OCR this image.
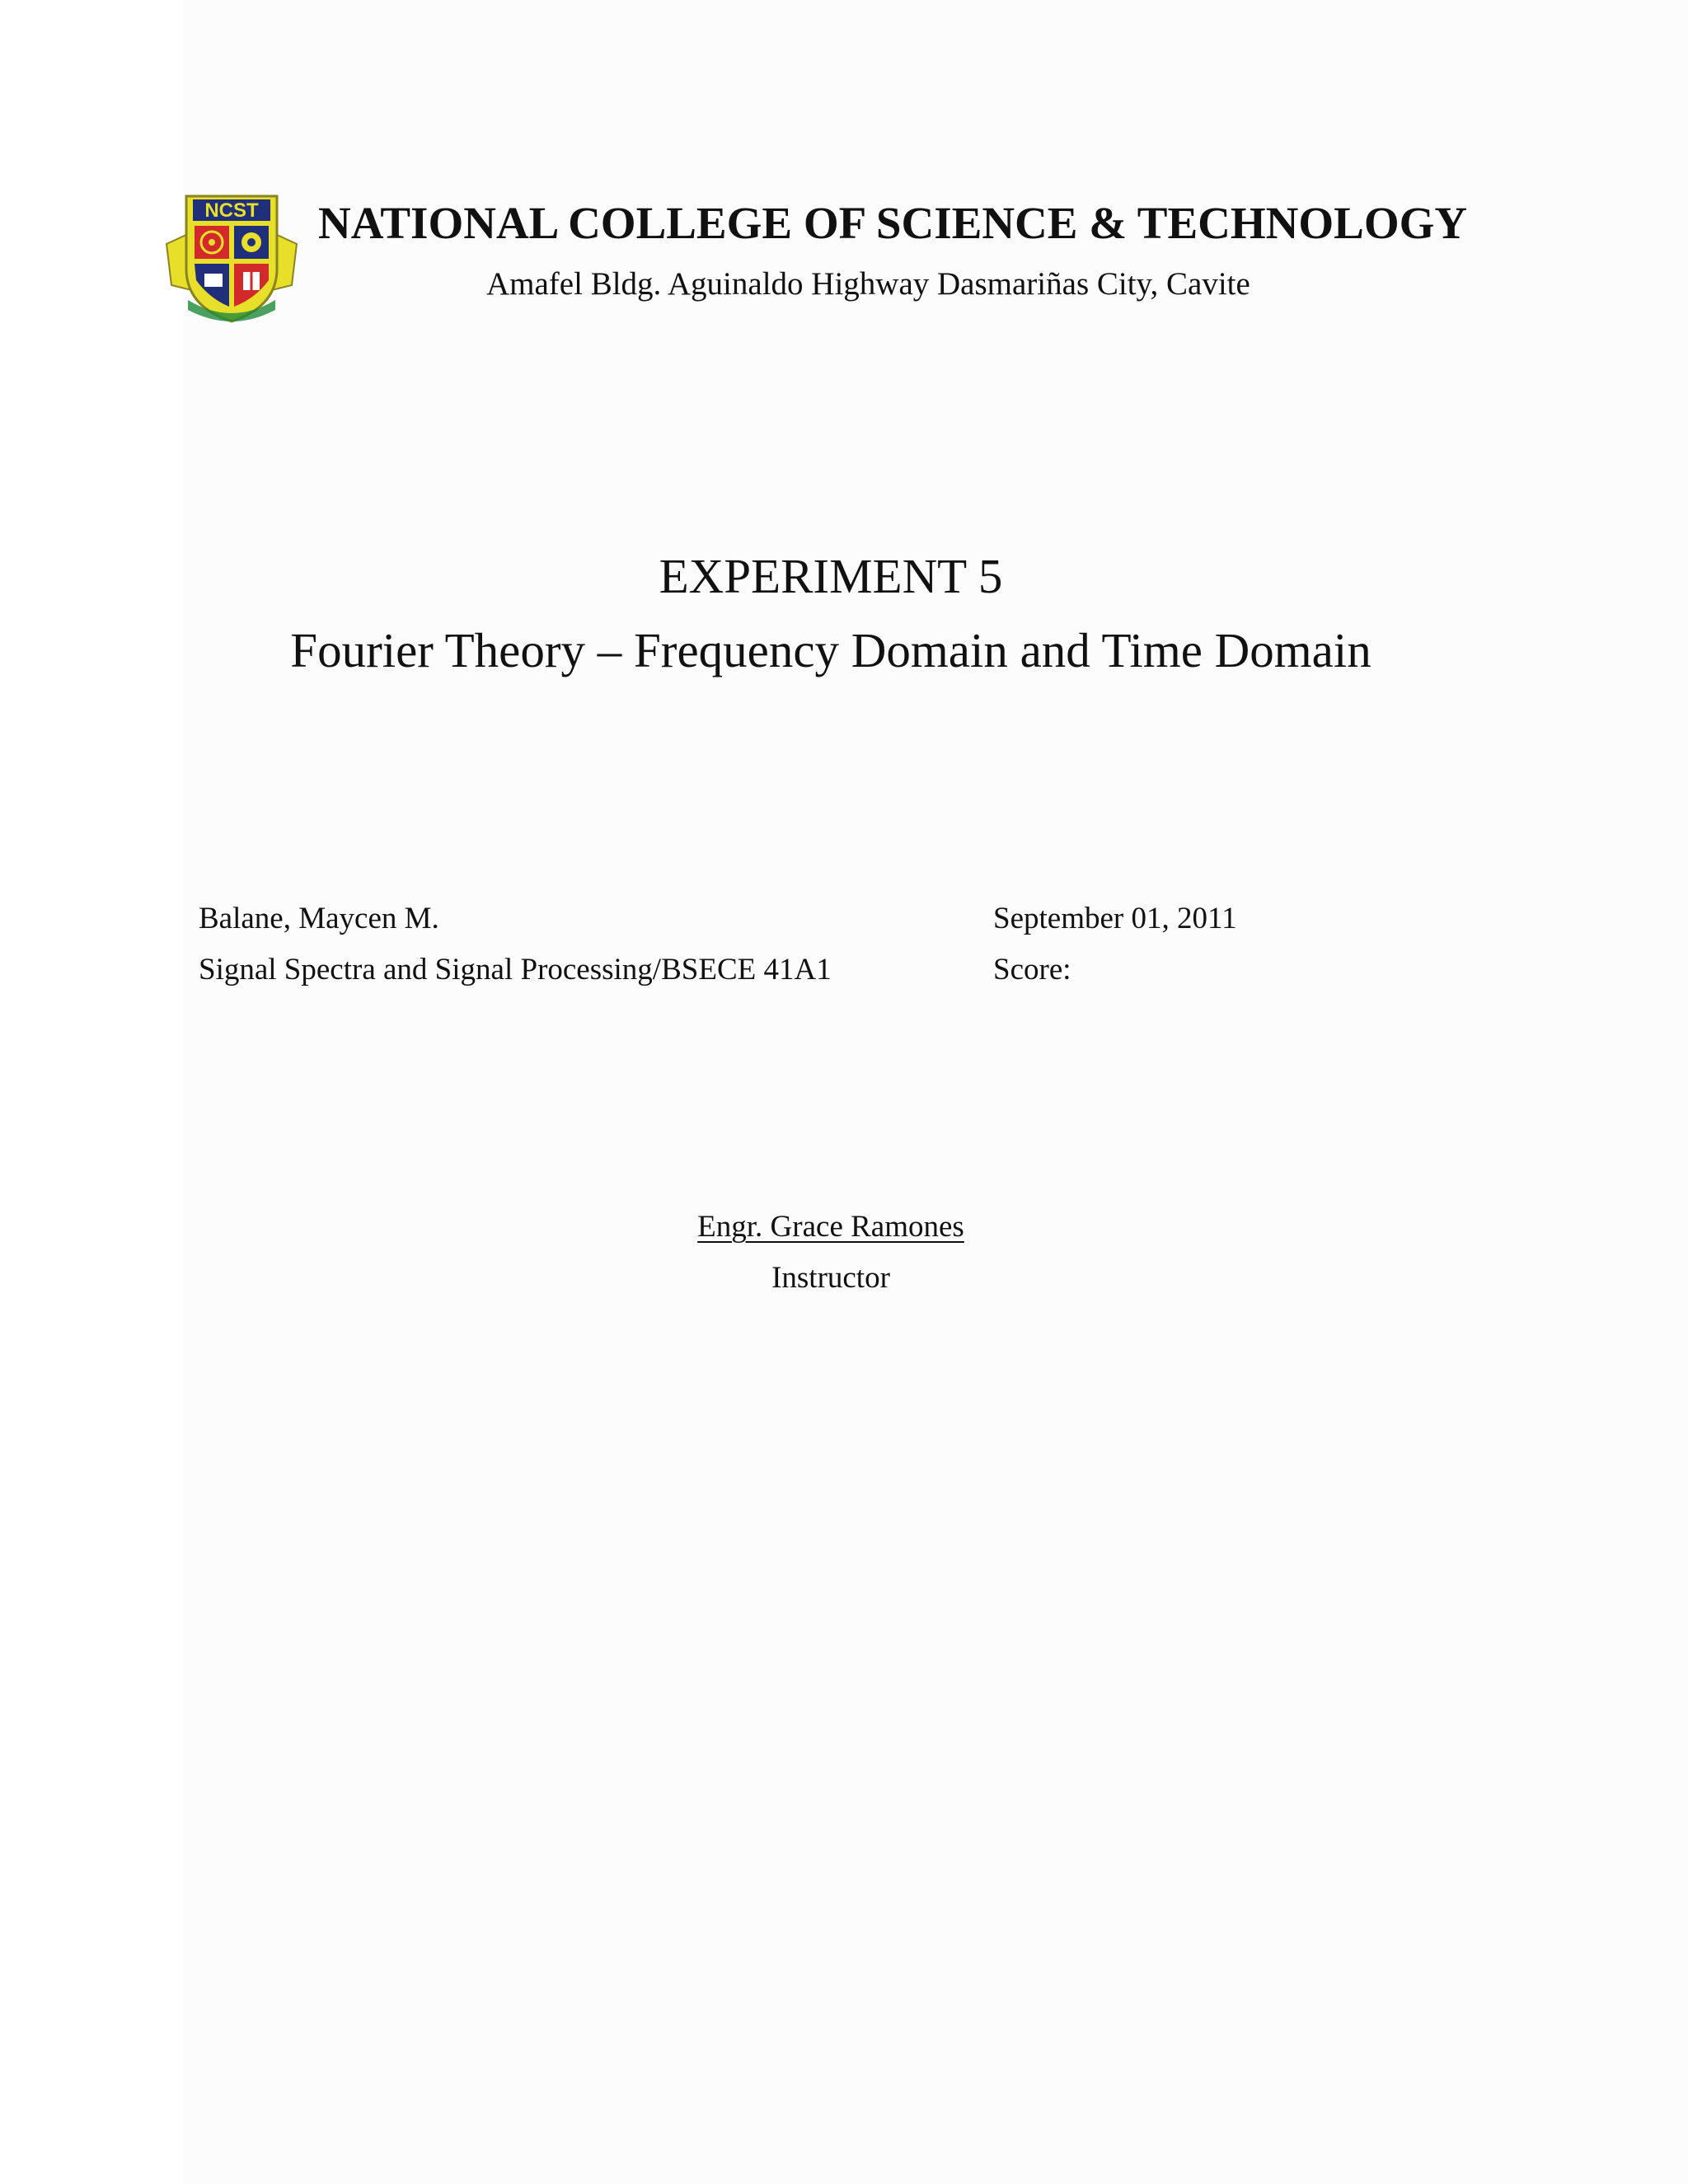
NCST NATIONAL COLLEGE OF SCIENCE & TECHNOLOGY
Amafel Bldg. Aguinaldo Highway Dasmariñas City, Cavite
EXPERIMENT 5
Fourier Theory – Frequency Domain and Time Domain
Balane, Maycen M.
Signal Spectra and Signal Processing/BSECE 41A1
September 01, 2011
Score:
Engr. Grace Ramones
Instructor
